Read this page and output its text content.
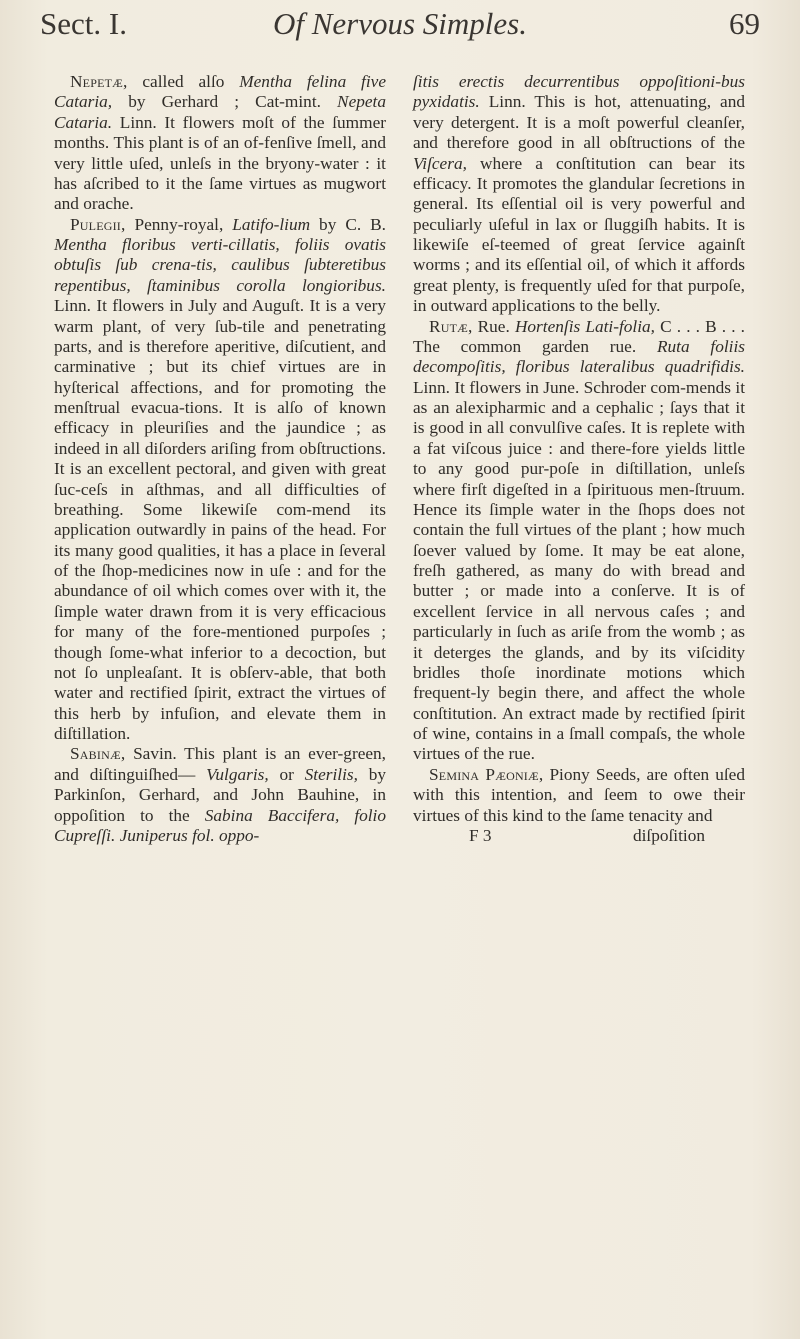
Sect. I.	Of Nervous Simples.	69

Nepetæ, called alſo Mentha felina five Cataria, by Gerhard ; Cat-mint. Nepeta Cataria. Linn. It flowers moſt of the ſummer months. This plant is of an of-fenſive ſmell, and very little uſed, unleſs in the bryony-water : it has aſcribed to it the ſame virtues as mugwort and orache.

Pulegii, Penny-royal, Latifo-lium by C. B. Mentha floribus verti-cillatis, foliis ovatis obtuſis ſub crena-tis, caulibus ſubteretibus repentibus, ſtaminibus corolla longioribus. Linn. It flowers in July and Auguſt. It is a very warm plant, of very ſub-tile and penetrating parts, and is therefore aperitive, diſcutient, and carminative ; but its chief virtues are in hyſterical affections, and for promoting the menſtrual evacua-tions. It is alſo of known efficacy in pleuriſies and the jaundice ; as indeed in all diſorders ariſing from obſtructions. It is an excellent pectoral, and given with great ſuc-ceſs in aſthmas, and all difficulties of breathing. Some likewiſe com-mend its application outwardly in pains of the head. For its many good qualities, it has a place in ſeveral of the ſhop-medicines now in uſe : and for the abundance of oil which comes over with it, the ſimple water drawn from it is very efficacious for many of the fore-mentioned purpoſes ; though ſome-what inferior to a decoction, but not ſo unpleaſant. It is obſerv-able, that both water and rectified ſpirit, extract the virtues of this herb by infuſion, and elevate them in diſtillation.

Sabinæ, Savin. This plant is an ever-green, and diſtinguiſhed— Vulgaris, or Sterilis, by Parkinſon, Gerhard, and John Bauhine, in oppoſition to the Sabina Baccifera, folio Cupreſſi. Juniperus fol. oppo-

ſitis erectis decurrentibus oppoſitioni-bus pyxidatis. Linn. This is hot, attenuating, and very detergent. It is a moſt powerful cleanſer, and therefore good in all obſtructions of the Viſcera, where a conſtitution can bear its efficacy. It promotes the glandular ſecretions in general. Its eſſential oil is very powerful and peculiarly uſeful in lax or ſluggiſh habits. It is likewiſe eſ-teemed of great ſervice againſt worms ; and its eſſential oil, of which it affords great plenty, is frequently uſed for that purpoſe, in outward applications to the belly.

Rutæ, Rue. Hortenſis Lati-folia, C . . . B . . . The common garden rue. Ruta foliis decompoſitis, floribus lateralibus quadrifidis. Linn. It flowers in June. Schroder com-mends it as an alexipharmic and a cephalic ; ſays that it is good in all convulſive caſes. It is replete with a fat viſcous juice : and there-fore yields little to any good pur-poſe in diſtillation, unleſs where firſt digeſted in a ſpirituous men-ſtruum. Hence its ſimple water in the ſhops does not contain the full virtues of the plant ; how much ſoever valued by ſome. It may be eat alone, freſh gathered, as many do with bread and butter ; or made into a conſerve. It is of excellent ſervice in all nervous caſes ; and particularly in ſuch as ariſe from the womb ; as it deterges the glands, and by its viſcidity bridles thoſe inordinate motions which frequent-ly begin there, and affect the whole conſtitution. An extract made by rectified ſpirit of wine, contains in a ſmall compaſs, the whole virtues of the rue.

Semina Pæoniæ, Piony Seeds, are often uſed with this intention, and ſeem to owe their virtues of this kind to the ſame tenacity and

F 3	diſpoſition
